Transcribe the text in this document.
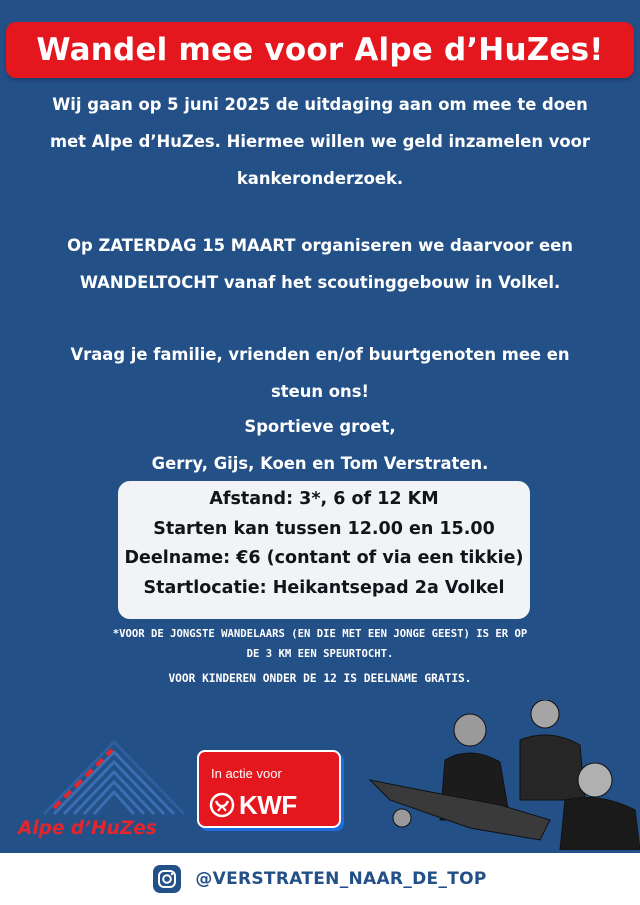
Wandel mee voor Alpe d’HuZes!
Wij gaan op 5 juni 2025 de uitdaging aan om mee te doen
met Alpe d’HuZes. Hiermee willen we geld inzamelen voor
kankeronderzoek.
Op ZATERDAG 15 MAART organiseren we daarvoor een
WANDELTOCHT vanaf het scoutinggebouw in Volkel.
Vraag je familie, vrienden en/of buurtgenoten mee en
steun ons!
Sportieve groet,
Gerry, Gijs, Koen en Tom Verstraten.
Afstand: 3*, 6 of 12 KM
Starten kan tussen 12.00 en 15.00
Deelname: €6 (contant of via een tikkie)
Startlocatie: Heikantsepad 2a Volkel
*VOOR DE JONGSTE WANDELAARS (EN DIE MET EEN JONGE GEEST) IS ER OP
DE 3 KM EEN SPEURTOCHT.
VOOR KINDEREN ONDER DE 12 IS DEELNAME GRATIS.
Alpe d’HuZes
In actie voor
KWF
@VERSTRATEN_NAAR_DE_TOP
